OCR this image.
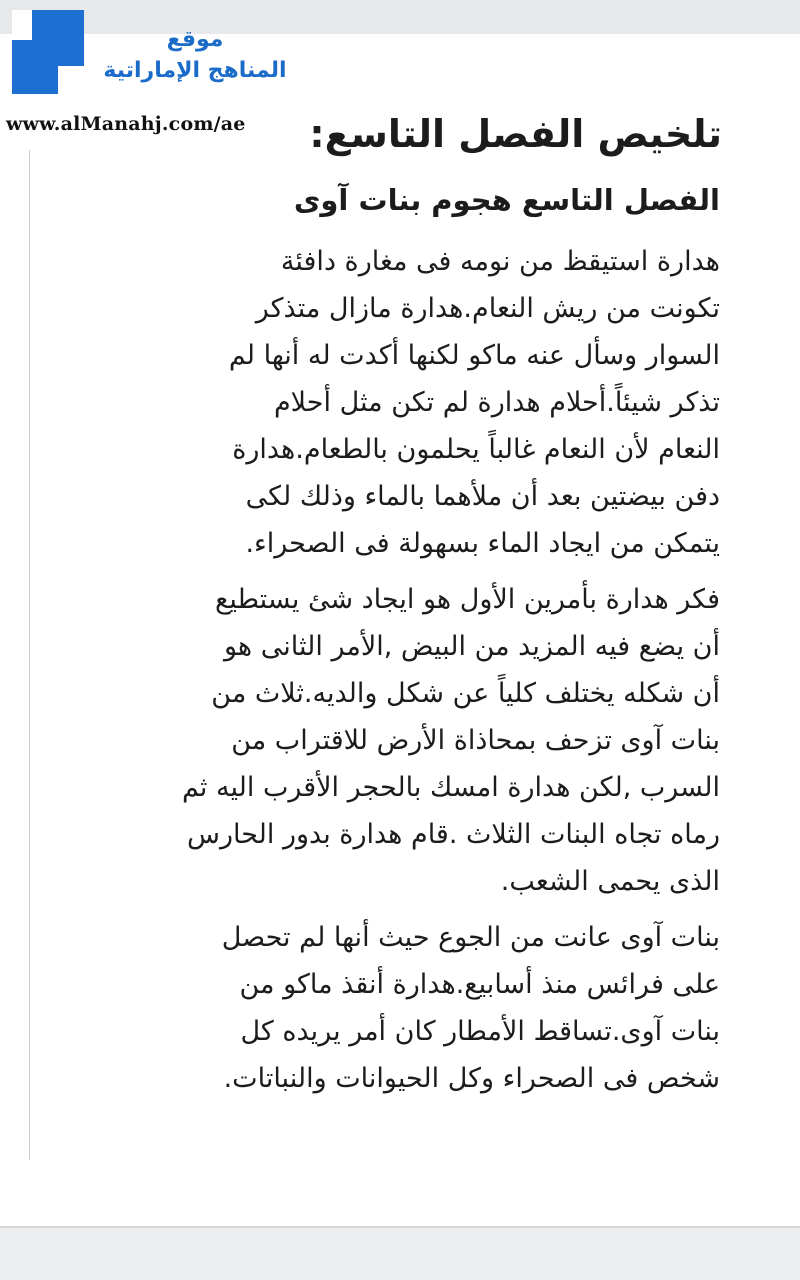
موقع
المناهج الإماراتية
www.alManahj.com/ae	تلخيص الفصل التاسع:
الفصل التاسع هجوم بنات آوى
هدارة استيقظ من نومه فى مغارة دافئة
تكونت من ريش النعام.هدارة مازال متذكر
السوار وسأل عنه ماكو لكنها أكدت له أنها لم
تذكر شيئاً.أحلام هدارة لم تكن مثل أحلام
النعام لأن النعام غالباً يحلمون بالطعام.هدارة
دفن بيضتين بعد أن ملأهما بالماء وذلك لكى
يتمكن من ايجاد الماء بسهولة فى الصحراء.
فكر هدارة بأمرين الأول هو ايجاد شئ يستطيع
أن يضع فيه المزيد من البيض ,الأمر الثانى هو
أن شكله يختلف كلياً عن شكل والديه.ثلاث من
بنات آوى تزحف بمحاذاة الأرض للاقتراب من
السرب ,لكن هدارة امسك بالحجر الأقرب اليه ثم
رماه تجاه البنات الثلاث .قام هدارة بدور الحارس
الذى يحمى الشعب.
بنات آوى عانت من الجوع حيث أنها لم تحصل
على فرائس منذ أسابيع.هدارة أنقذ ماكو من
بنات آوى.تساقط الأمطار كان أمر يريده كل
شخص فى الصحراء وكل الحيوانات والنباتات.
